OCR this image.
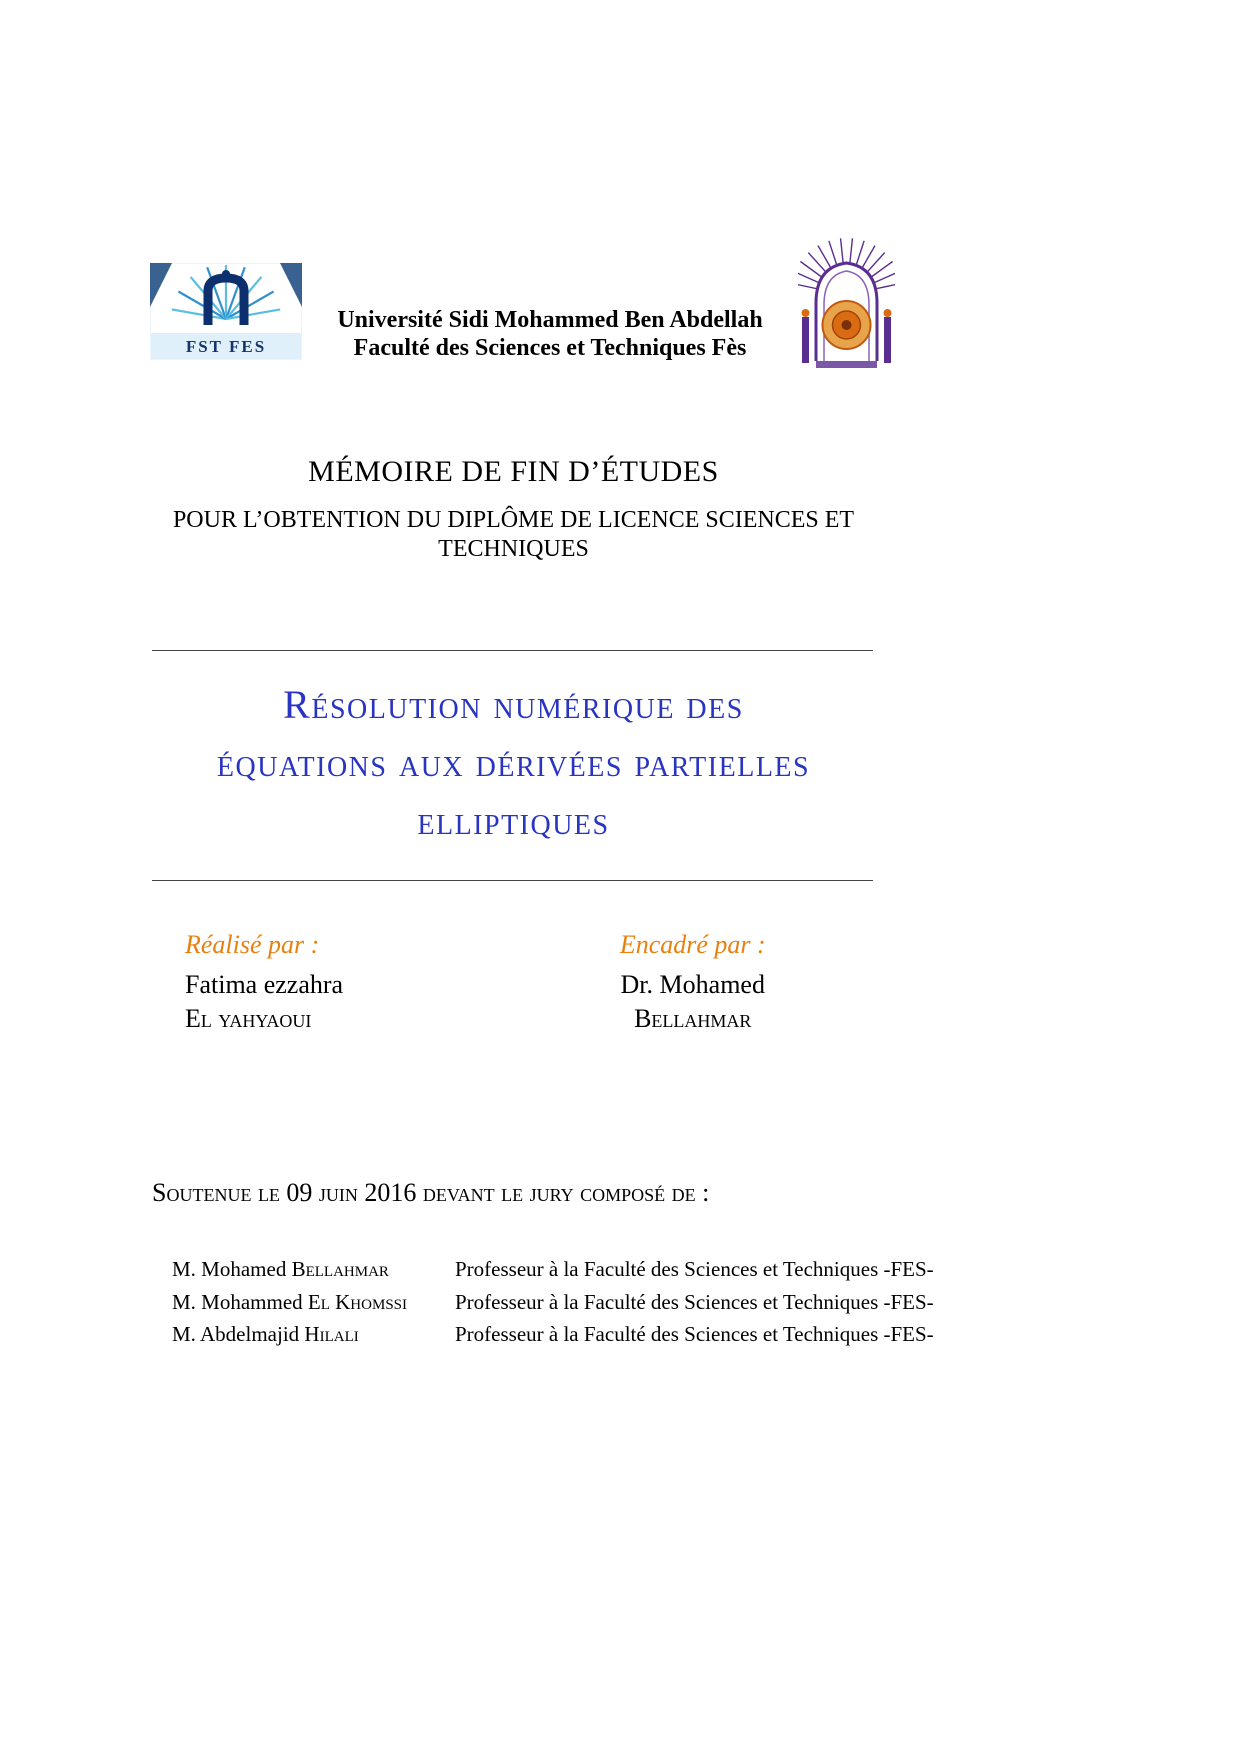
FST FES
Université Sidi Mohammed Ben Abdellah
Faculté des Sciences et Techniques Fès
MÉMOIRE DE FIN D’ÉTUDES
POUR L’OBTENTION DU DIPLÔME DE LICENCE SCIENCES ET
TECHNIQUES
Résolution numérique des
équations aux dérivées partielles
elliptiques
Réalisé par :
Fatima ezzahra
El yahyaoui
Encadré par :
Dr. Mohamed
Bellahmar
Soutenue le 09 juin 2016 devant le jury composé de :
M. Mohamed Bellahmar	Professeur à la Faculté des Sciences et Techniques -FES-
M. Mohammed El Khomssi	Professeur à la Faculté des Sciences et Techniques -FES-
M. Abdelmajid Hilali	Professeur à la Faculté des Sciences et Techniques -FES-
